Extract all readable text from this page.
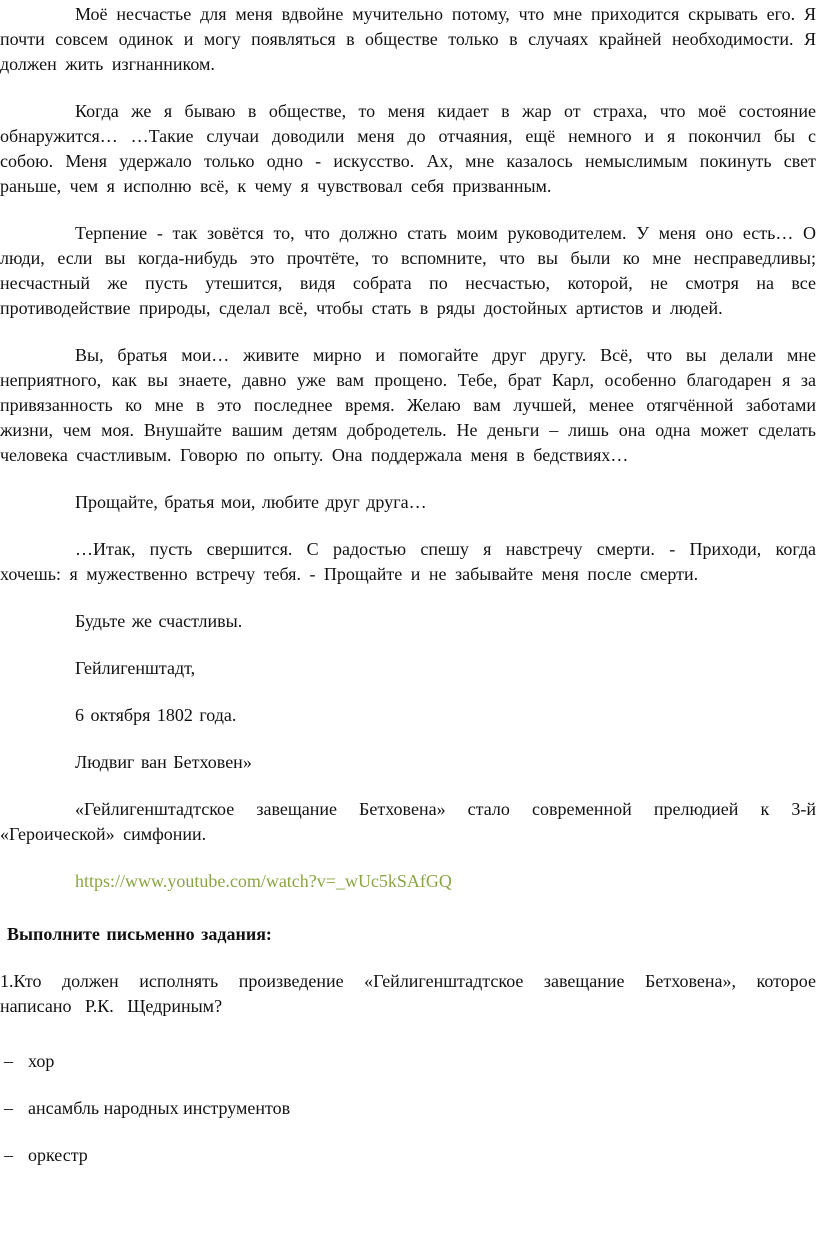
Моё несчастье для меня вдвойне мучительно потому, что мне приходится скрывать его. Я почти совсем одинок и могу появляться в обществе только в случаях крайней необходимости. Я должен жить изгнанником.

Когда же я бываю в обществе, то меня кидает в жар от страха, что моё состояние обнаружится… …Такие случаи доводили меня до отчаяния, ещё немного и я покончил бы с собою. Меня удержало только одно - искусство. Ах, мне казалось немыслимым покинуть свет раньше, чем я исполню всё, к чему я чувствовал себя призванным.

Терпение - так зовётся то, что должно стать моим руководителем. У меня оно есть… О люди, если вы когда-нибудь это прочтёте, то вспомните, что вы были ко мне несправедливы; несчастный же пусть утешится, видя собрата по несчастью, которой, не смотря на все противодействие природы, сделал всё, чтобы стать в ряды достойных артистов и людей.

Вы, братья мои… живите мирно и помогайте друг другу. Всё, что вы делали мне неприятного, как вы знаете, давно уже вам прощено. Тебе, брат Карл, особенно благодарен я за привязанность ко мне в это последнее время. Желаю вам лучшей, менее отягчённой заботами жизни, чем моя. Внушайте вашим детям добродетель. Не деньги – лишь она одна может сделать человека счастливым. Говорю по опыту. Она поддержала меня в бедствиях…

Прощайте, братья мои, любите друг друга…

…Итак, пусть свершится. С радостью спешу я навстречу смерти. - Приходи, когда хочешь: я мужественно встречу тебя. - Прощайте и не забывайте меня после смерти.

Будьте же счастливы.

Гейлигенштадт,

6 октября 1802 года.

Людвиг ван Бетховен»

«Гейлигенштадтское завещание Бетховена» стало современной прелюдией к 3-й «Героической» симфонии.

https://www.youtube.com/watch?v=_wUc5kSAfGQ

Выполните письменно задания:

1.Кто должен исполнять произведение «Гейлигенштадтское завещание Бетховена», которое написано Р.К. Щедриным?

– хор
– ансамбль народных инструментов
– оркестр
